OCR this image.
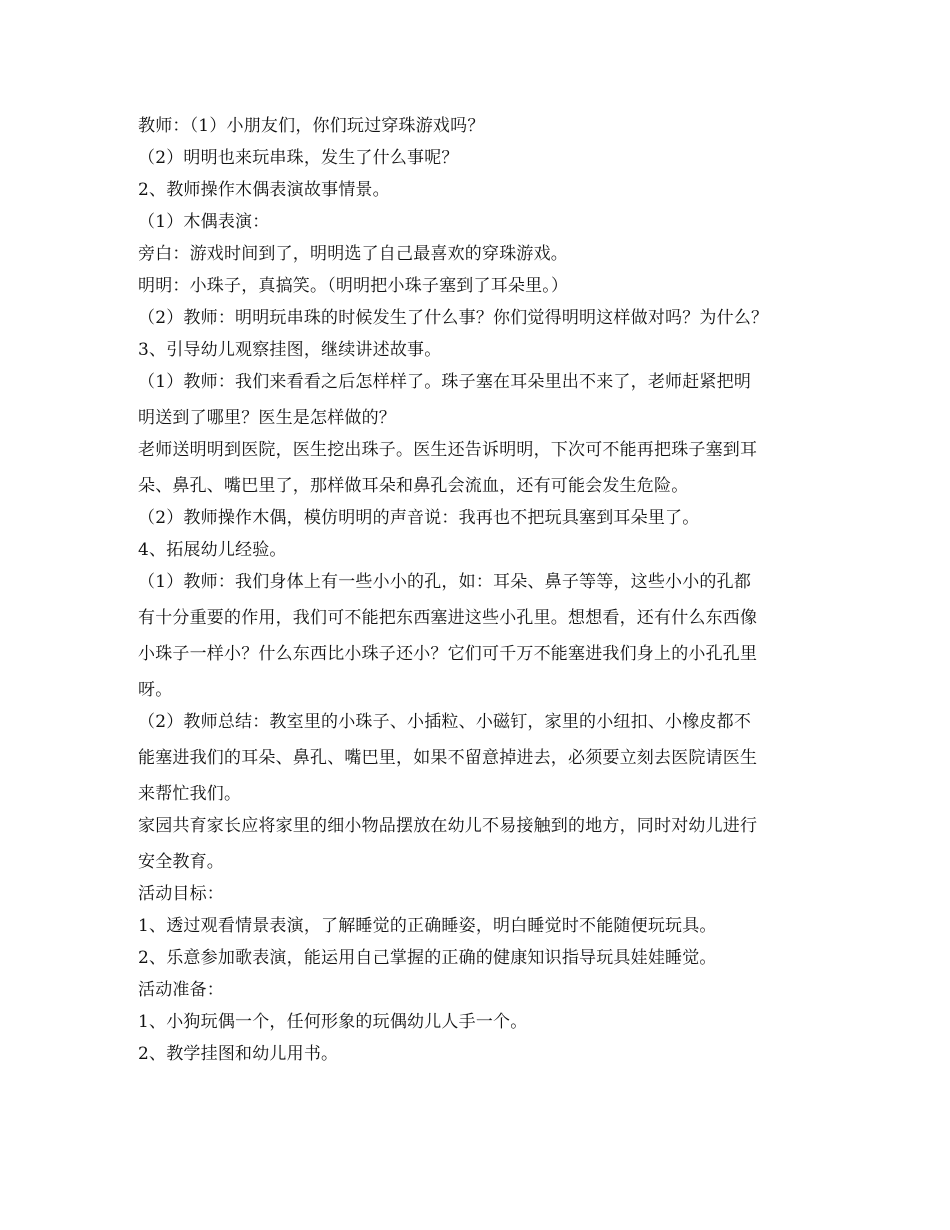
教师：（1）小朋友们，你们玩过穿珠游戏吗？
（2）明明也来玩串珠，发生了什么事呢？
2、教师操作木偶表演故事情景。
（1）木偶表演：
旁白：游戏时间到了，明明选了自己最喜欢的穿珠游戏。
明明：小珠子，真搞笑。（明明把小珠子塞到了耳朵里。）
（2）教师：明明玩串珠的时候发生了什么事？你们觉得明明这样做对吗？为什么？
3、引导幼儿观察挂图，继续讲述故事。
（1）教师：我们来看看之后怎样样了。珠子塞在耳朵里出不来了，老师赶紧把明
明送到了哪里？医生是怎样做的？
老师送明明到医院，医生挖出珠子。医生还告诉明明，下次可不能再把珠子塞到耳
朵、鼻孔、嘴巴里了，那样做耳朵和鼻孔会流血，还有可能会发生危险。
（2）教师操作木偶，模仿明明的声音说：我再也不把玩具塞到耳朵里了。
4、拓展幼儿经验。
（1）教师：我们身体上有一些小小的孔，如：耳朵、鼻子等等，这些小小的孔都
有十分重要的作用，我们可不能把东西塞进这些小孔里。想想看，还有什么东西像
小珠子一样小？什么东西比小珠子还小？它们可千万不能塞进我们身上的小孔孔里
呀。
（2）教师总结：教室里的小珠子、小插粒、小磁钉，家里的小纽扣、小橡皮都不
能塞进我们的耳朵、鼻孔、嘴巴里，如果不留意掉进去，必须要立刻去医院请医生
来帮忙我们。
家园共育家长应将家里的细小物品摆放在幼儿不易接触到的地方，同时对幼儿进行
安全教育。
活动目标：
1、透过观看情景表演，了解睡觉的正确睡姿，明白睡觉时不能随便玩玩具。
2、乐意参加歌表演，能运用自己掌握的正确的健康知识指导玩具娃娃睡觉。
活动准备：
1、小狗玩偶一个，任何形象的玩偶幼儿人手一个。
2、教学挂图和幼儿用书。
